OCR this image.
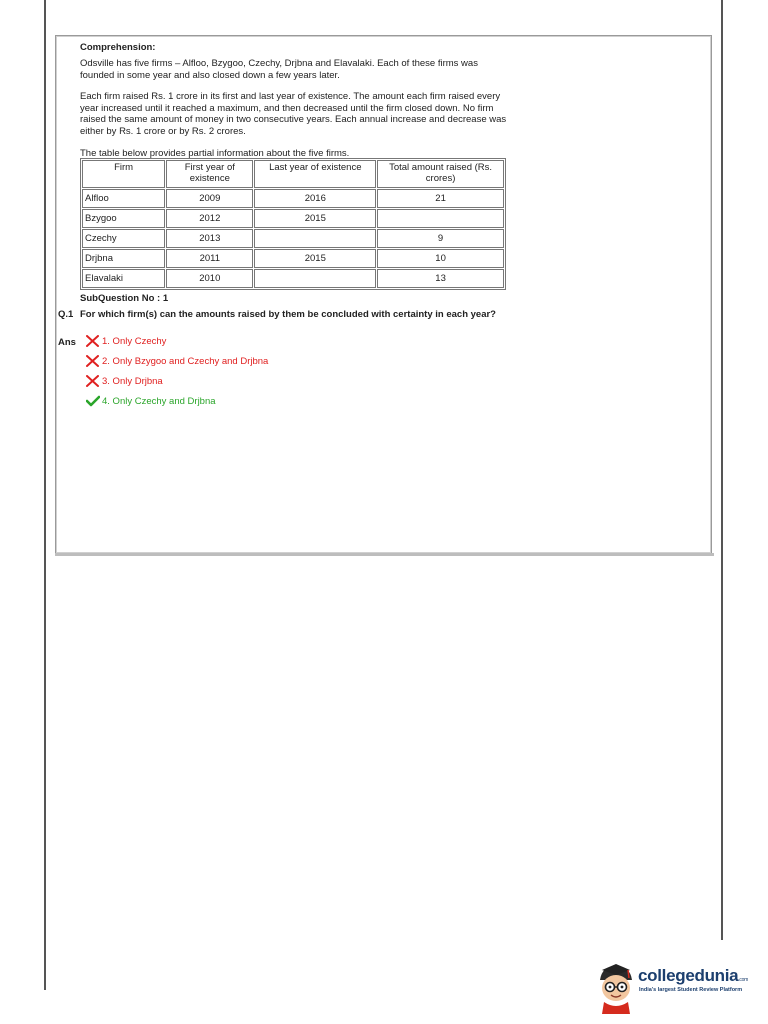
Comprehension:
Odsville has five firms – Alfloo, Bzygoo, Czechy, Drjbna and Elavalaki. Each of these firms was founded in some year and also closed down a few years later.
Each firm raised Rs. 1 crore in its first and last year of existence. The amount each firm raised every year increased until it reached a maximum, and then decreased until the firm closed down. No firm raised the same amount of money in two consecutive years. Each annual increase and decrease was either by Rs. 1 crore or by Rs. 2 crores.
The table below provides partial information about the five firms.
Firm	First year of existence	Last year of existence	Total amount raised (Rs. crores)
Alfloo	2009	2016	21
Bzygoo	2012	2015	
Czechy	2013		9
Drjbna	2011	2015	10
Elavalaki	2010		13
SubQuestion No : 1
Q.1 For which firm(s) can the amounts raised by them be concluded with certainty in each year?
Ans	1. Only Czechy
2. Only Bzygoo and Czechy and Drjbna
3. Only Drjbna
4. Only Czechy and Drjbna
collegedunia.com
India's largest Student Review Platform
